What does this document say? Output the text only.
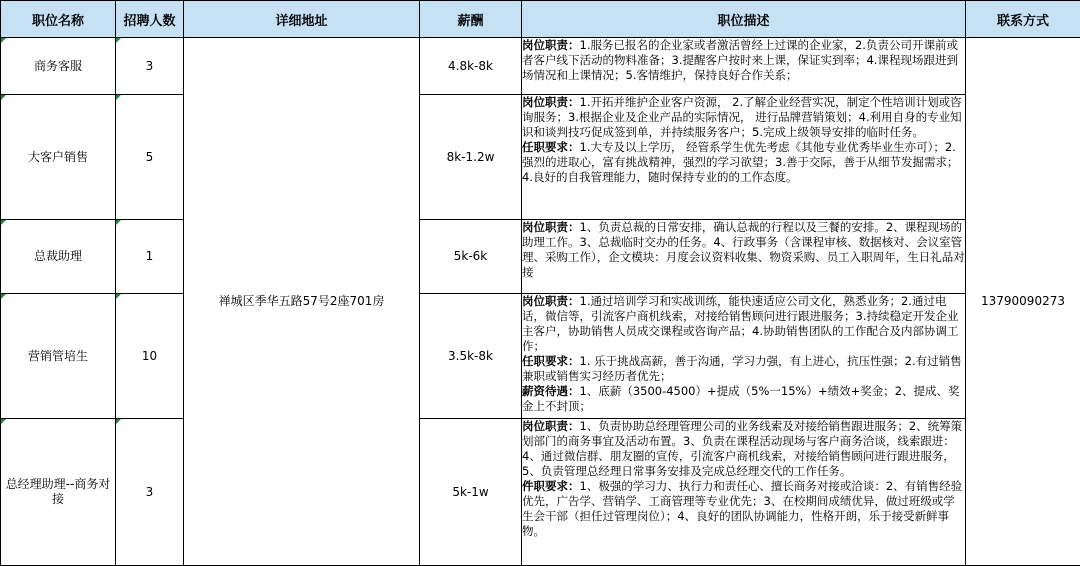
职位名称	招聘人数	详细地址	薪酬	职位描述	联系方式
商务客服	3	禅城区季华五路57号2座701房	4.8k-8k	岗位职责：1.服务已报名的企业家或者激活曾经上过课的企业家，2.负责公司开课前或者客户线下活动的物料准备；3.提醒客户按时来上课，保证实到率；4.课程现场跟进到场情况和上课情况；5.客情维护，保持良好合作关系；	13790090273
大客户销售	5		8k-1.2w	岗位职责：1.开拓并维护企业客户资源， 2.了解企业经营实况，制定个性培训计划或咨询服务；3.根据企业及企业产品的实际情况， 进行品牌营销策划；4.利用自身的专业知识和谈判技巧促成签到单，并持续服务客户；5.完成上级领导安排的临时任务。

任职要求：1.大专及以上学历， 经管系学生优先考虑《其他专业优秀毕业生亦可）；2.强烈的进取心，富有挑战精神，强烈的学习欲望；3.善于交际，善于从细节发掘需求；4.良好的自我管理能力，随时保持专业的的工作态度。	

总裁助理	1		5k-6k	岗位职责：1、负责总裁的日常安排，确认总裁的行程以及三餐的安排。2、课程现场的助理工作。3、总裁临时交办的任务。4、行政事务（含课程审核、数据核对、会议室管理、采购工作），企文模块：月度会议资料收集、物资采购、员工入职周年，生日礼品对接	

营销管培生	10		3.5k-8k	岗位职责：1.通过培训学习和实战训练，能快速适应公司文化，熟悉业务；2.通过电话，微信等，引流客户商机线索，对接给销售顾问进行跟进服务；3.持续稳定开发企业主客户，协助销售人员成交课程或咨询产品；4.协助销售团队的工作配合及内部协调工作；

任职要求：1. 乐于挑战高薪，善于沟通，学习力强，有上进心，抗压性强；2.有过销售兼职或销售实习经历者优先；

薪资待遇：1、底薪（3500-4500）+提成（5%一15%）+绩效+奖金；2、提成、奖金上不封顶；	

总经理助理--商务对接	3		5k-1w	岗位职责：1、负责协助总经理管理公司的业务线索及对接给销售跟进服务；2、统筹策划部门的商务事宜及活动布置。3、负责在课程活动现场与客户商务洽谈，线索跟进：4、通过微信群、朋友圈的宣传，引流客户商机线索，对接给销售顾问进行跟进服务，5、负责管理总经理日常事务安排及完成总经理交代的工作任务。

件职要求：1、极强的学习力、执行力和责任心、擅长商务对接或洽谈：2、有销售经验优先，广告学、营销学、工商管理等专业优先；3、在校期间成绩优异，做过班级或学生会干部（担任过管理岗位）；4、良好的团队协调能力，性格开朗，乐于接受新鲜事物。	
